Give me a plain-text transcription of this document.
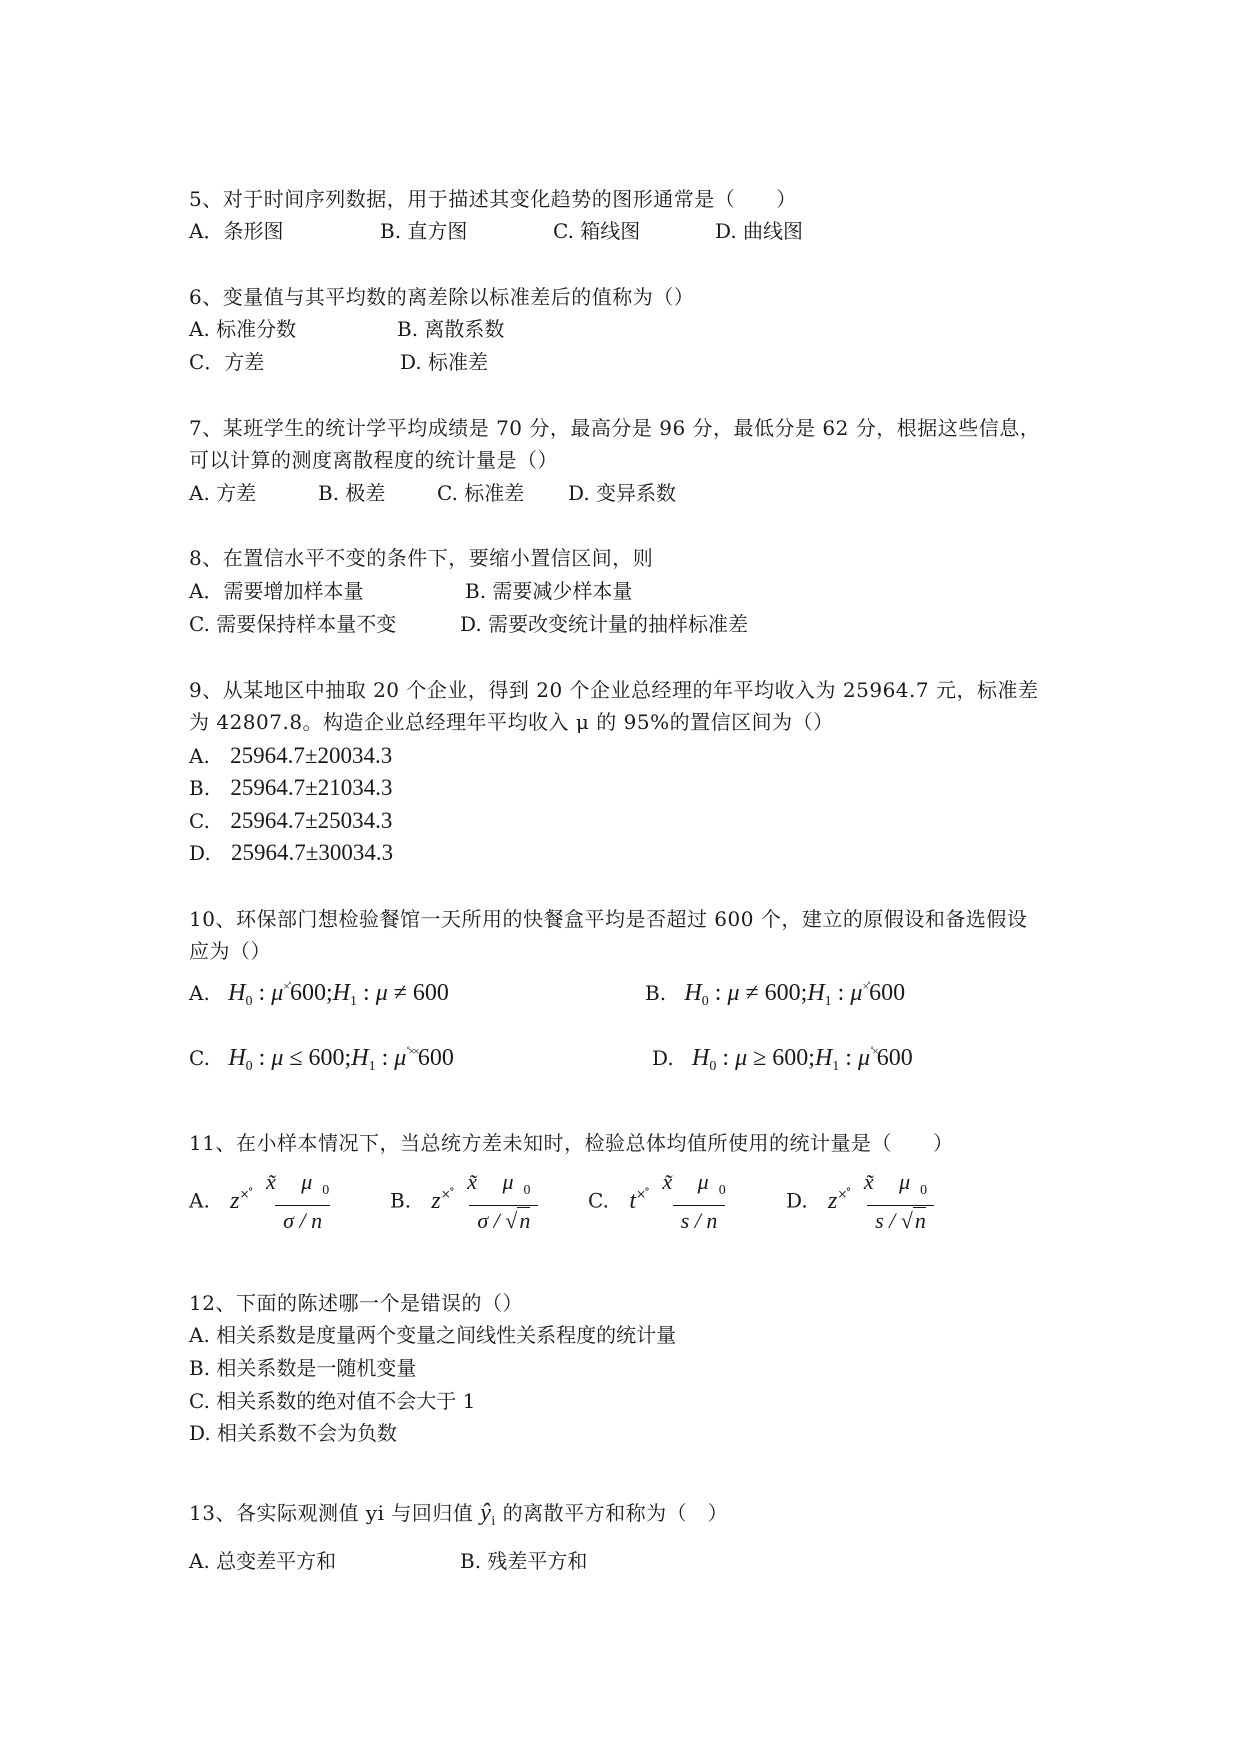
5、对于时间序列数据，用于描述其变化趋势的图形通常是（　　）
A．条形图	B. 直方图	C. 箱线图	D. 曲线图
6、变量值与其平均数的离差除以标准差后的值称为（）
A. 标准分数	B. 离散系数
C．方差	D. 标准差
7、某班学生的统计学平均成绩是 70 分，最高分是 96 分，最低分是 62 分，根据这些信息，
可以计算的测度离散程度的统计量是（）
A. 方差	B. 极差	C. 标准差 D. 变异系数
8、在置信水平不变的条件下，要缩小置信区间，则
A．需要增加样本量	B. 需要减少样本量
C. 需要保持样本量不变	D. 需要改变统计量的抽样标准差
9、从某地区中抽取 20 个企业，得到 20 个企业总经理的年平均收入为 25964.7 元，标准差
为 42807.8。构造企业总经理年平均收入 μ 的 95%的置信区间为（）
A. 25964.7±20034.3
B. 25964.7±21034.3
C. 25964.7±25034.3
D. 25964.7±30034.3
10、环保部门想检验餐馆一天所用的快餐盒平均是否超过 600 个，建立的原假设和备选假设
应为（）
A. $H_0$ : $\mu^{\times˚}600;H_1$ : μ ≠ 600	B. $H_0$ : $\mu \ne 600;H_1$ : μ×˚600
C. $H_0$ : $\mu \le 600;H_1$ : μ˚××600	D. $H_0$ : $\mu \ge 600;H_1$ : μ˚×600
11、在小样本情况下，当总统方差未知时，检验总体均值所使用的统计量是（　　）
A. $z^{\times˚} \frac{x̃ \mu_0}{\sigma / n} B$. $z^{\times˚} \frac{x̃ \mu_0}{\sigma / √n} C$. $t^{\times˚} \frac{x̃ \mu_0}{s / n} D$. $z^{\times˚} \frac{x̃ \mu_0}{s / √n}$
12、下面的陈述哪一个是错误的（）
A. 相关系数是度量两个变量之间线性关系程度的统计量
B. 相关系数是一随机变量
C. 相关系数的绝对值不会大于 1
D. 相关系数不会为负数
13、各实际观测值 yi 与回归值 $ŷ_i$ 的离散平方和称为（　）
A. 总变差平方和	B. 残差平方和
